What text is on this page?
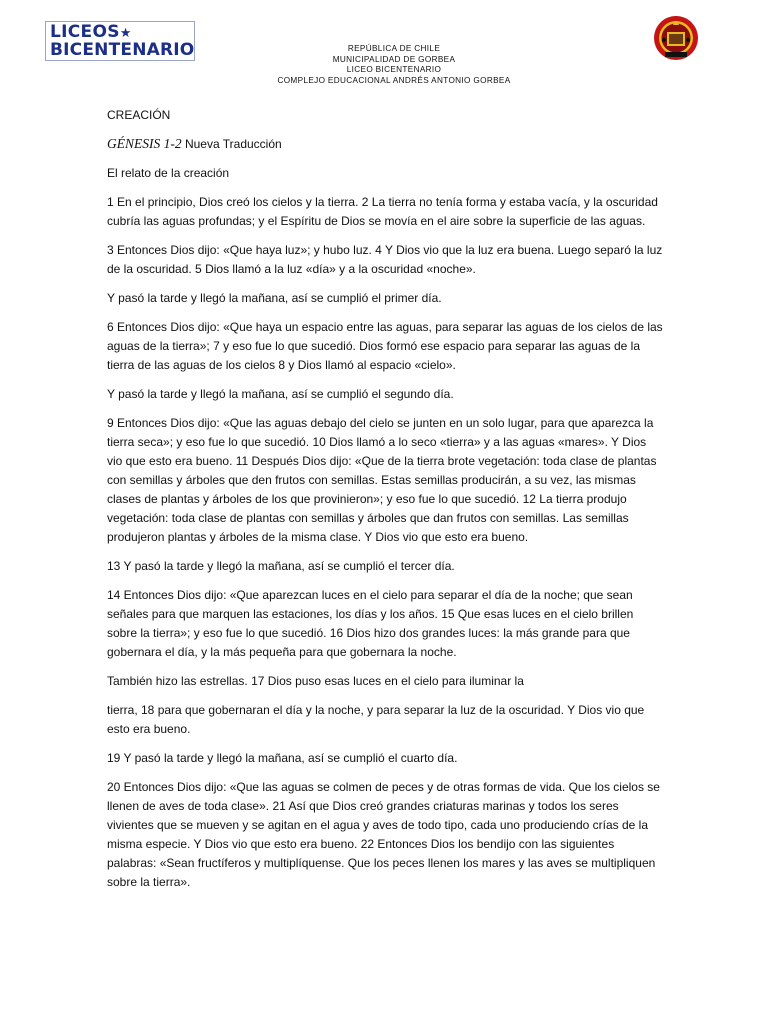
LICEOS★
BICENTENARIO	REPÚBLICA DE CHILE
MUNICIPALIDAD DE GORBEA
LICEO BICENTENARIO
COMPLEJO EDUCACIONAL ANDRÉS ANTONIO GORBEA

CREACIÓN

GÉNESIS 1-2 Nueva Traducción

El relato de la creación

1 En el principio, Dios creó los cielos y la tierra. 2 La tierra no tenía forma y estaba vacía, y la oscuridad cubría las aguas profundas; y el Espíritu de Dios se movía en el aire sobre la superficie de las aguas.

3 Entonces Dios dijo: «Que haya luz»; y hubo luz. 4 Y Dios vio que la luz era buena. Luego separó la luz de la oscuridad. 5 Dios llamó a la luz «día» y a la oscuridad «noche».

Y pasó la tarde y llegó la mañana, así se cumplió el primer día.

6 Entonces Dios dijo: «Que haya un espacio entre las aguas, para separar las aguas de los cielos de las aguas de la tierra»; 7 y eso fue lo que sucedió. Dios formó ese espacio para separar las aguas de la tierra de las aguas de los cielos 8 y Dios llamó al espacio «cielo».

Y pasó la tarde y llegó la mañana, así se cumplió el segundo día.

9 Entonces Dios dijo: «Que las aguas debajo del cielo se junten en un solo lugar, para que aparezca la tierra seca»; y eso fue lo que sucedió. 10 Dios llamó a lo seco «tierra» y a las aguas «mares». Y Dios vio que esto era bueno. 11 Después Dios dijo: «Que de la tierra brote vegetación: toda clase de plantas con semillas y árboles que den frutos con semillas. Estas semillas producirán, a su vez, las mismas clases de plantas y árboles de los que provinieron»; y eso fue lo que sucedió. 12 La tierra produjo vegetación: toda clase de plantas con semillas y árboles que dan frutos con semillas. Las semillas produjeron plantas y árboles de la misma clase. Y Dios vio que esto era bueno.

13 Y pasó la tarde y llegó la mañana, así se cumplió el tercer día.

14 Entonces Dios dijo: «Que aparezcan luces en el cielo para separar el día de la noche; que sean señales para que marquen las estaciones, los días y los años. 15 Que esas luces en el cielo brillen sobre la tierra»; y eso fue lo que sucedió. 16 Dios hizo dos grandes luces: la más grande para que gobernara el día, y la más pequeña para que gobernara la noche.

También hizo las estrellas. 17 Dios puso esas luces en el cielo para iluminar la

tierra, 18 para que gobernaran el día y la noche, y para separar la luz de la oscuridad. Y Dios vio que esto era bueno.

19 Y pasó la tarde y llegó la mañana, así se cumplió el cuarto día.

20 Entonces Dios dijo: «Que las aguas se colmen de peces y de otras formas de vida. Que los cielos se llenen de aves de toda clase». 21 Así que Dios creó grandes criaturas marinas y todos los seres vivientes que se mueven y se agitan en el agua y aves de todo tipo, cada uno produciendo crías de la misma especie. Y Dios vio que esto era bueno. 22 Entonces Dios los bendijo con las siguientes palabras: «Sean fructíferos y multiplíquense. Que los peces llenen los mares y las aves se multipliquen sobre la tierra».
